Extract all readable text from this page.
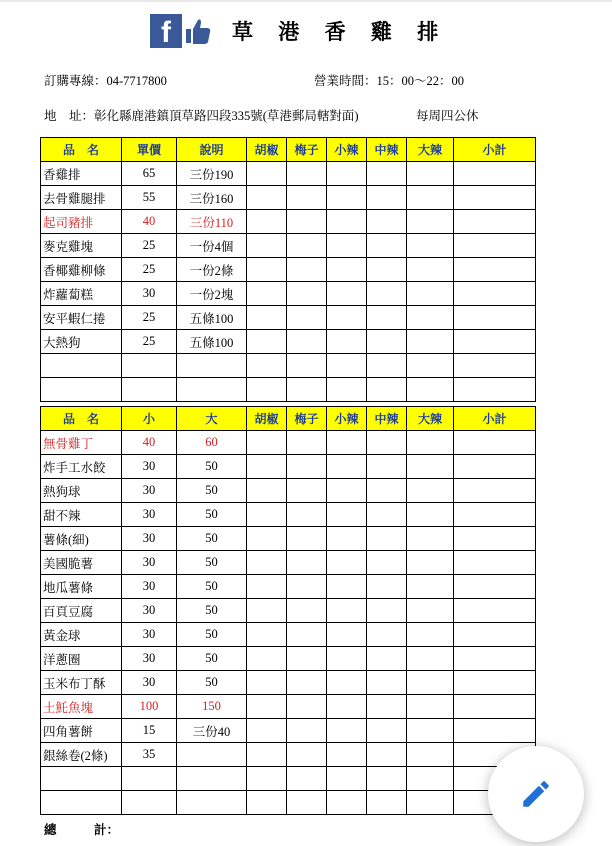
f	草 港 香 雞 排
訂購專線：04-7717800	營業時間：15：00～22：00
地　址：彰化縣鹿港鎮頂草路四段335號(草港郵局轄對面)	每周四公休
品　名	單價	說明	胡椒	梅子	小辣	中辣	大辣	小計
香雞排	65	三份190						
去骨雞腿排	55	三份160						
起司豬排	40	三份110						
麥克雞塊	25	一份4個						
香椰雞柳條	25	一份2條						
炸蘿蔔糕	30	一份2塊						
安平蝦仁捲	25	五條100						
大熱狗	25	五條100						

品　名	小	大	胡椒	梅子	小辣	中辣	大辣	小計
無骨雞丁	40	60						
炸手工水餃	30	50						
熱狗球	30	50						
甜不辣	30	50						
薯條(細)	30	50						
美國脆薯	30	50						
地瓜薯條	30	50						
百頁豆腐	30	50						
黃金球	30	50						
洋蔥圈	30	50						
玉米布丁酥	30	50						
土魠魚塊	100	150						
四角薯餅	15	三份40						
銀絲卷(2條)	35							

總　　　計：
